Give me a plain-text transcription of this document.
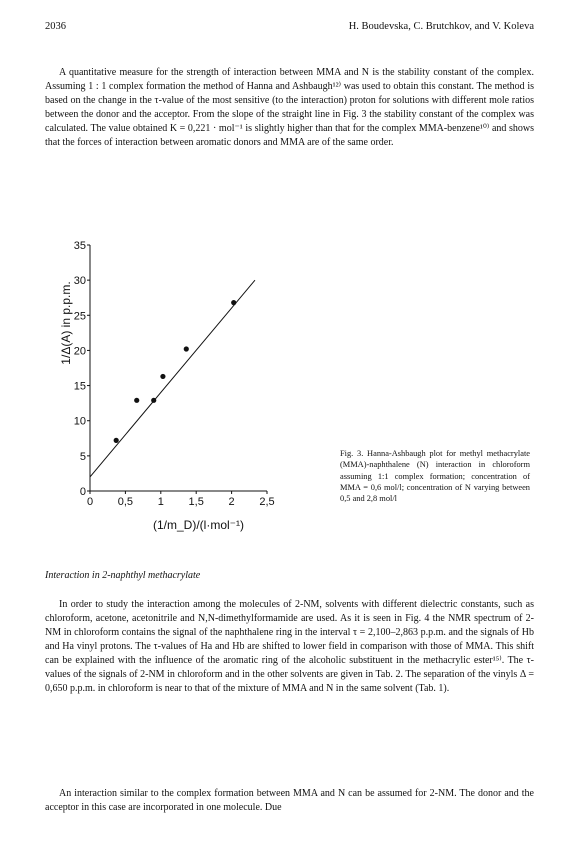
2036	H. Boudevska, C. Brutchkov, and V. Koleva

A quantitative measure for the strength of interaction between MMA and N is the stability constant of the complex. Assuming 1 : 1 complex formation the method of Hanna and Ashbaugh¹²⁾ was used to obtain this constant. The method is based on the change in the τ-value of the most sensitive (to the interaction) proton for solutions with different mole ratios between the donor and the acceptor. From the slope of the straight line in Fig. 3 the stability constant of the complex was calculated. The value obtained K = 0,221 · mol⁻¹ is slightly higher than that for the complex MMA-benzene¹⁰⁾ and shows that the forces of interaction between aromatic donors and MMA are of the same order.

0
5
10
15
20
25
30
35
0 0,5 1 1,5 2 2,5
1/Δ(A) in p.p.m.
(1/m_D)/(l·mol⁻¹)
Fig. 3. Hanna-Ashbaugh plot for methyl methacrylate (MMA)-naphthalene (N) interaction in chloroform assuming 1:1 complex formation; concentration of MMA = 0,6 mol/l; concentration of N varying between 0,5 and 2,8 mol/l
Interaction in 2-naphthyl methacrylate

In order to study the interaction among the molecules of 2-NM, solvents with different dielectric constants, such as chloroform, acetone, acetonitrile and N,N-dimethylformamide are used. As it is seen in Fig. 4 the NMR spectrum of 2-NM in chloroform contains the signal of the naphthalene ring in the interval τ = 2,100–2,863 p.p.m. and the signals of Hb and Ha vinyl protons. The τ-values of Ha and Hb are shifted to lower field in comparison with those of MMA. This shift can be explained with the influence of the aromatic ring of the alcoholic substituent in the methacrylic ester¹⁵⁾. The τ-values of the signals of 2-NM in chloroform and in the other solvents are given in Tab. 2. The separation of the vinyls Δ = 0,650 p.p.m. in chloroform is near to that of the mixture of MMA and N in the same solvent (Tab. 1).

An interaction similar to the complex formation between MMA and N can be assumed for 2-NM. The donor and the acceptor in this case are incorporated in one molecule. Due
